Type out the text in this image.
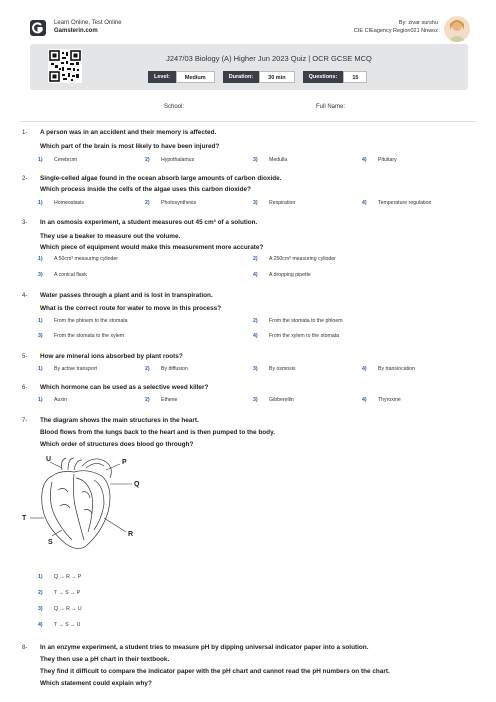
Learn Online, Test Online
Gamsterin.com
By: zivar surshu
CIE CIEagency Region021 Nnwoz
J247/03 Biology (A) Higher Jun 2023 Quiz | OCR GCSE MCQ
Level:	Medium	Duration:	30 min	Questions:	15
School:	Full Name:
1- A person was in an accident and their memory is affected.
Which part of the brain is most likely to have been injured?
1) Cerebrum	2) Hypothalamus	3) Medulla	4) Pituitary
2- Single-celled algae found in the ocean absorb large amounts of carbon dioxide.
Which process inside the cells of the algae uses this carbon dioxide?
1) Homeostasis	2) Photosynthesis	3) Respiration	4) Temperature regulation
3- In an osmosis experiment, a student measures out 45 cm³ of a solution.
They use a beaker to measure out the volume.
Which piece of equipment would make this measurement more accurate?
1) A 50cm³ measuring cylinder	2) A 250cm³ measuring cylinder
3) A conical flask	4) A dropping pipette
4- Water passes through a plant and is lost in transpiration.
What is the correct route for water to move in this process?
1) From the phloem to the stomata	2) From the stomata to the phloem
3) From the stomata to the xylem	4) From the xylem to the stomata
5- How are mineral ions absorbed by plant roots?
1) By active transport	2) By diffusion	3) By osmosis	4) By translocation
6- Which hormone can be used as a selective weed killer?
1) Auxin	2) Ethene	3) Gibberellin	4) Thyroxine
7- The diagram shows the main structures in the heart.
Blood flows from the lungs back to the heart and is then pumped to the body.
Which order of structures does blood go through?
U	P
Q
T
S
R
1) Q → R → P
2) T → S → P
3) Q → R → U
4) T → S → U
8- In an enzyme experiment, a student tries to measure pH by dipping universal indicator paper into a solution.
They then use a pH chart in their textbook.
They find it difficult to compare the indicator paper with the pH chart and cannot read the pH numbers on the chart.
Which statement could explain why?
